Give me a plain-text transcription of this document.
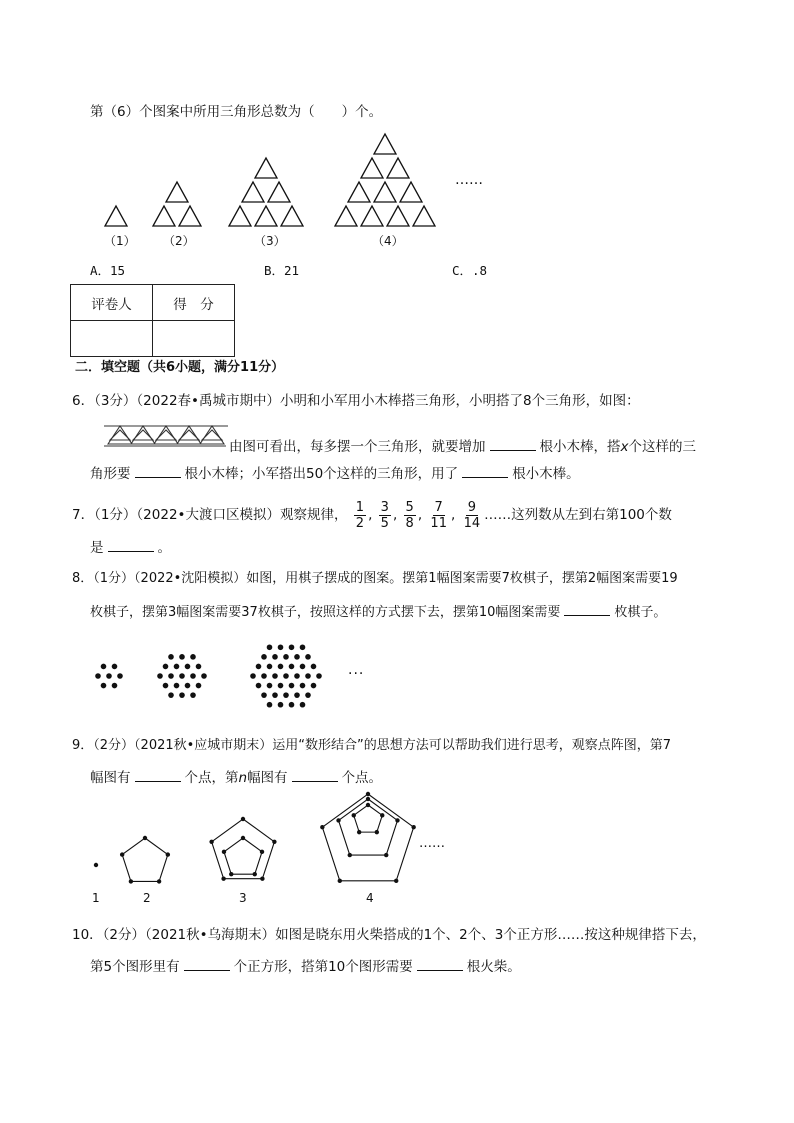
第（6）个图案中所用三角形总数为（　　）个。
（1） （2）	（3）	（4）
……
A．15	B．21	C．.8
评卷人	得　分

二．填空题（共6小题，满分11分）
6．（3分）（2022春•禹城市期中）小明和小军用小木棒搭三角形，小明搭了8个三角形，如图：
由图可看出，每多摆一个三角形，就要增加	根小木棒，搭x个这样的三
角形要	根小木棒；小军搭出50个这样的三角形，用了	根小木棒。
7．（1分）（2022•大渡口区模拟）观察规律， $\frac{1}{2}$ , $\frac{3}{5}$ , $\frac{5}{8}$ , $\frac{7}{11}$ , $\frac{9}{14}$ ……这列数从左到右第100个数
是	。
8．（1分）（2022•沈阳模拟）如图，用棋子摆成的图案。摆第1幅图案需要7枚棋子，摆第2幅图案需要19
枚棋子，摆第3幅图案需要37枚棋子，按照这样的方式摆下去，摆第10幅图案需要	枚棋子。
···
9．（2分）（2021秋•应城市期末）运用“数形结合”的思想方法可以帮助我们进行思考，观察点阵图，第7
幅图有	个点，第n幅图有	个点。
1	2	3	4
……
10．（2分）（2021秋•乌海期末）如图是晓东用火柴搭成的1个、2个、3个正方形……按这种规律搭下去，
第5个图形里有	个正方形，搭第10个图形需要	根火柴。
